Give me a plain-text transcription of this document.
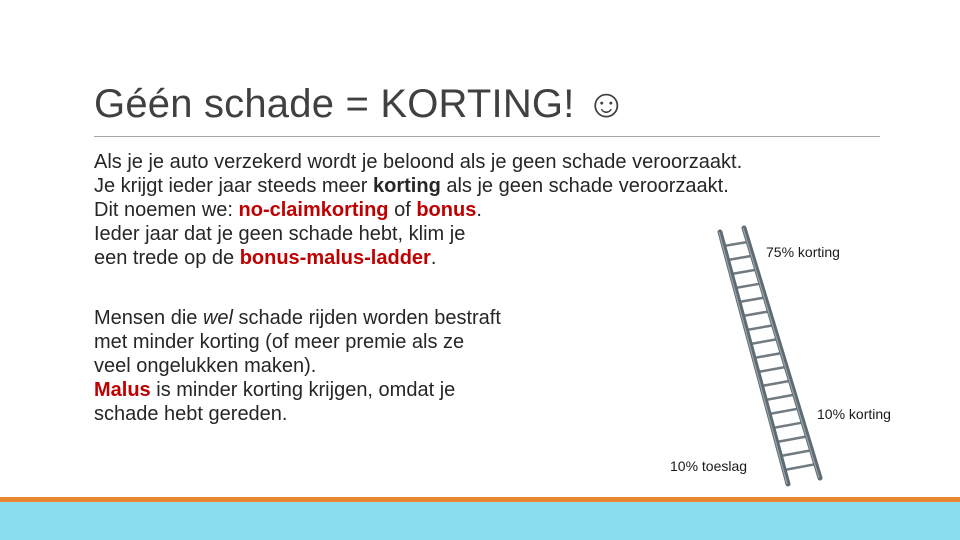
Géén schade = KORTING! ☺

Als je je auto verzekerd wordt je beloond als je geen schade veroorzaakt.
Je krijgt ieder jaar steeds meer korting als je geen schade veroorzaakt.
Dit noemen we: no-claimkorting of bonus.
Ieder jaar dat je geen schade hebt, klim je
een trede op de bonus-malus-ladder.

Mensen die wel schade rijden worden bestraft
met minder korting (of meer premie als ze
veel ongelukken maken).
Malus is minder korting krijgen, omdat je
schade hebt gereden.

75% korting
10% korting
10% toeslag
